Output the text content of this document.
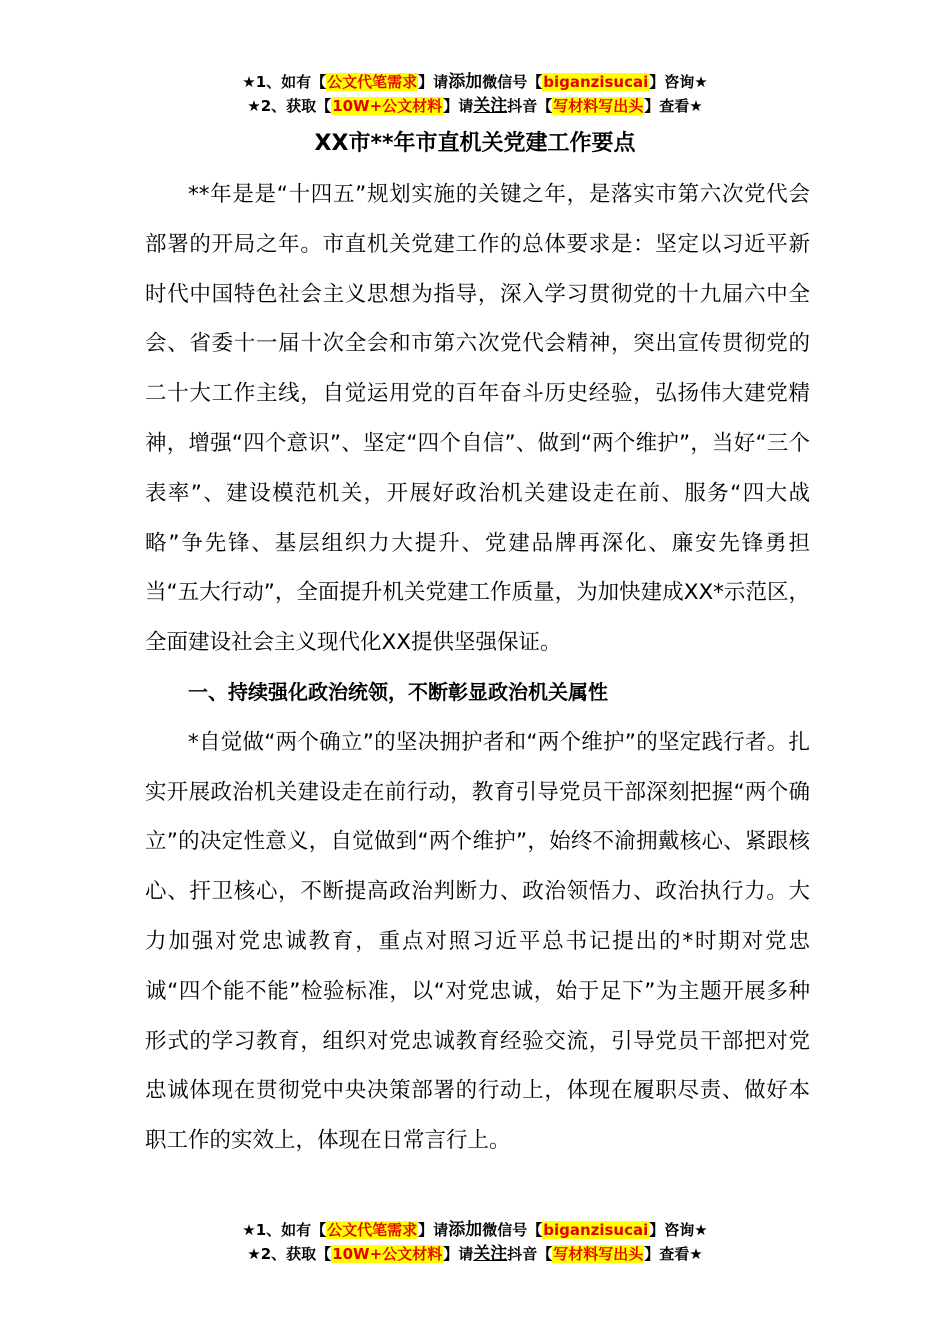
★1、如有【公文代笔需求】请添加微信号【biganzisucai】咨询★
★2、获取【10W+公文材料】请关注抖音【写材料写出头】查看★
XX市**年市直机关党建工作要点

**年是是“十四五”规划实施的关键之年，是落实市第六次党代会部署的开局之年。市直机关党建工作的总体要求是：坚定以习近平新时代中国特色社会主义思想为指导，深入学习贯彻党的十九届六中全会、省委十一届十次全会和市第六次党代会精神，突出宣传贯彻党的二十大工作主线，自觉运用党的百年奋斗历史经验，弘扬伟大建党精神，增强“四个意识”、坚定“四个自信”、做到“两个维护”，当好“三个表率”、建设模范机关，开展好政治机关建设走在前、服务“四大战略”争先锋、基层组织力大提升、党建品牌再深化、廉安先锋勇担当“五大行动”，全面提升机关党建工作质量，为加快建成XX*示范区，全面建设社会主义现代化XX提供坚强保证。

一、持续强化政治统领，不断彰显政治机关属性

*自觉做“两个确立”的坚决拥护者和“两个维护”的坚定践行者。扎实开展政治机关建设走在前行动，教育引导党员干部深刻把握“两个确立”的决定性意义，自觉做到“两个维护”，始终不渝拥戴核心、紧跟核心、扞卫核心，不断提高政治判断力、政治领悟力、政治执行力。大力加强对党忠诚教育，重点对照习近平总书记提出的*时期对党忠诚“四个能不能”检验标准，以“对党忠诚，始于足下”为主题开展多种形式的学习教育，组织对党忠诚教育经验交流，引导党员干部把对党忠诚体现在贯彻党中央决策部署的行动上，体现在履职尽责、做好本职工作的实效上，体现在日常言行上。

★1、如有【公文代笔需求】请添加微信号【biganzisucai】咨询★
★2、获取【10W+公文材料】请关注抖音【写材料写出头】查看★
